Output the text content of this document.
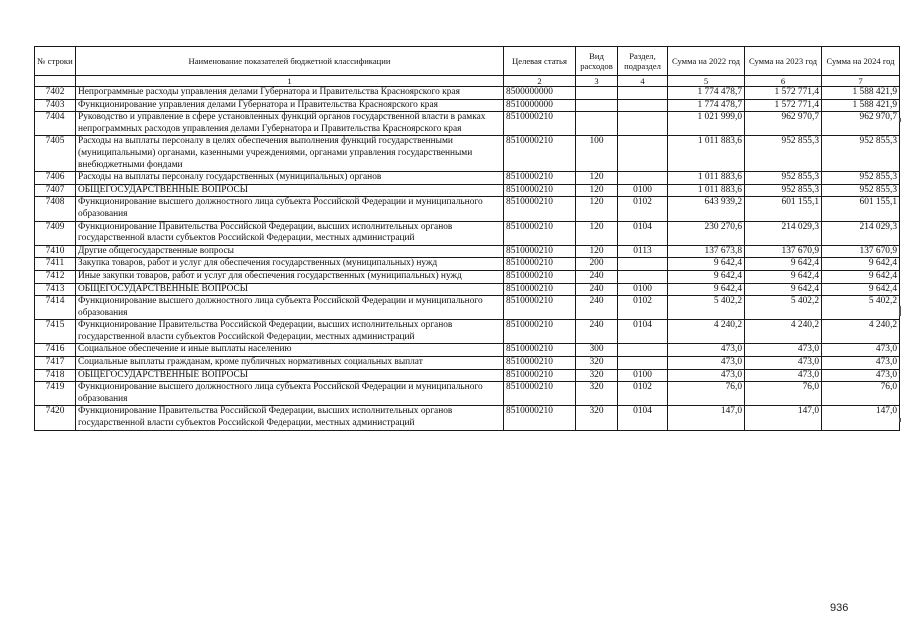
№ строки	Наименование показателей бюджетной классификации	Целевая статья	Вид расходов	Раздел, подраздел	Сумма на 2022 год	Сумма на 2023 год	Сумма на 2024 год
	1	2	3	4	5	6	7
7402	Непрограммные расходы управления делами Губернатора и Правительства Красноярского края	8500000000			1 774 478,7	1 572 771,4	1 588 421,9
7403	Функционирование управления делами Губернатора и Правительства Красноярского края	8510000000			1 774 478,7	1 572 771,4	1 588 421,9
7404	Руководство и управление в сфере установленных функций органов государственной власти в рамках непрограммных расходов управления делами Губернатора и Правительства Красноярского края	8510000210			1 021 999,0	962 970,7	962 970,7
7405	Расходы на выплаты персоналу в целях обеспечения выполнения функций государственными (муниципальными) органами, казенными учреждениями, органами управления государственными внебюджетными фондами	8510000210	100		1 011 883,6	952 855,3	952 855,3
7406	Расходы на выплаты персоналу государственных (муниципальных) органов	8510000210	120		1 011 883,6	952 855,3	952 855,3
7407	ОБЩЕГОСУДАРСТВЕННЫЕ ВОПРОСЫ	8510000210	120	0100	1 011 883,6	952 855,3	952 855,3
7408	Функционирование высшего должностного лица субъекта Российской Федерации и муниципального образования	8510000210	120	0102	643 939,2	601 155,1	601 155,1
7409	Функционирование Правительства Российской Федерации, высших исполнительных органов государственной власти субъектов Российской Федерации, местных администраций	8510000210	120	0104	230 270,6	214 029,3	214 029,3
7410	Другие общегосударственные вопросы	8510000210	120	0113	137 673,8	137 670,9	137 670,9
7411	Закупка товаров, работ и услуг для обеспечения государственных (муниципальных) нужд	8510000210	200		9 642,4	9 642,4	9 642,4
7412	Иные закупки товаров, работ и услуг для обеспечения государственных (муниципальных) нужд	8510000210	240		9 642,4	9 642,4	9 642,4
7413	ОБЩЕГОСУДАРСТВЕННЫЕ ВОПРОСЫ	8510000210	240	0100	9 642,4	9 642,4	9 642,4
7414	Функционирование высшего должностного лица субъекта Российской Федерации и муниципального образования	8510000210	240	0102	5 402,2	5 402,2	5 402,2
7415	Функционирование Правительства Российской Федерации, высших исполнительных органов государственной власти субъектов Российской Федерации, местных администраций	8510000210	240	0104	4 240,2	4 240,2	4 240,2
7416	Социальное обеспечение и иные выплаты населению	8510000210	300		473,0	473,0	473,0
7417	Социальные выплаты гражданам, кроме публичных нормативных социальных выплат	8510000210	320		473,0	473,0	473,0
7418	ОБЩЕГОСУДАРСТВЕННЫЕ ВОПРОСЫ	8510000210	320	0100	473,0	473,0	473,0
7419	Функционирование высшего должностного лица субъекта Российской Федерации и муниципального образования	8510000210	320	0102	76,0	76,0	76,0
7420	Функционирование Правительства Российской Федерации, высших исполнительных органов государственной власти субъектов Российской Федерации, местных администраций	8510000210	320	0104	147,0	147,0	147,0
936
